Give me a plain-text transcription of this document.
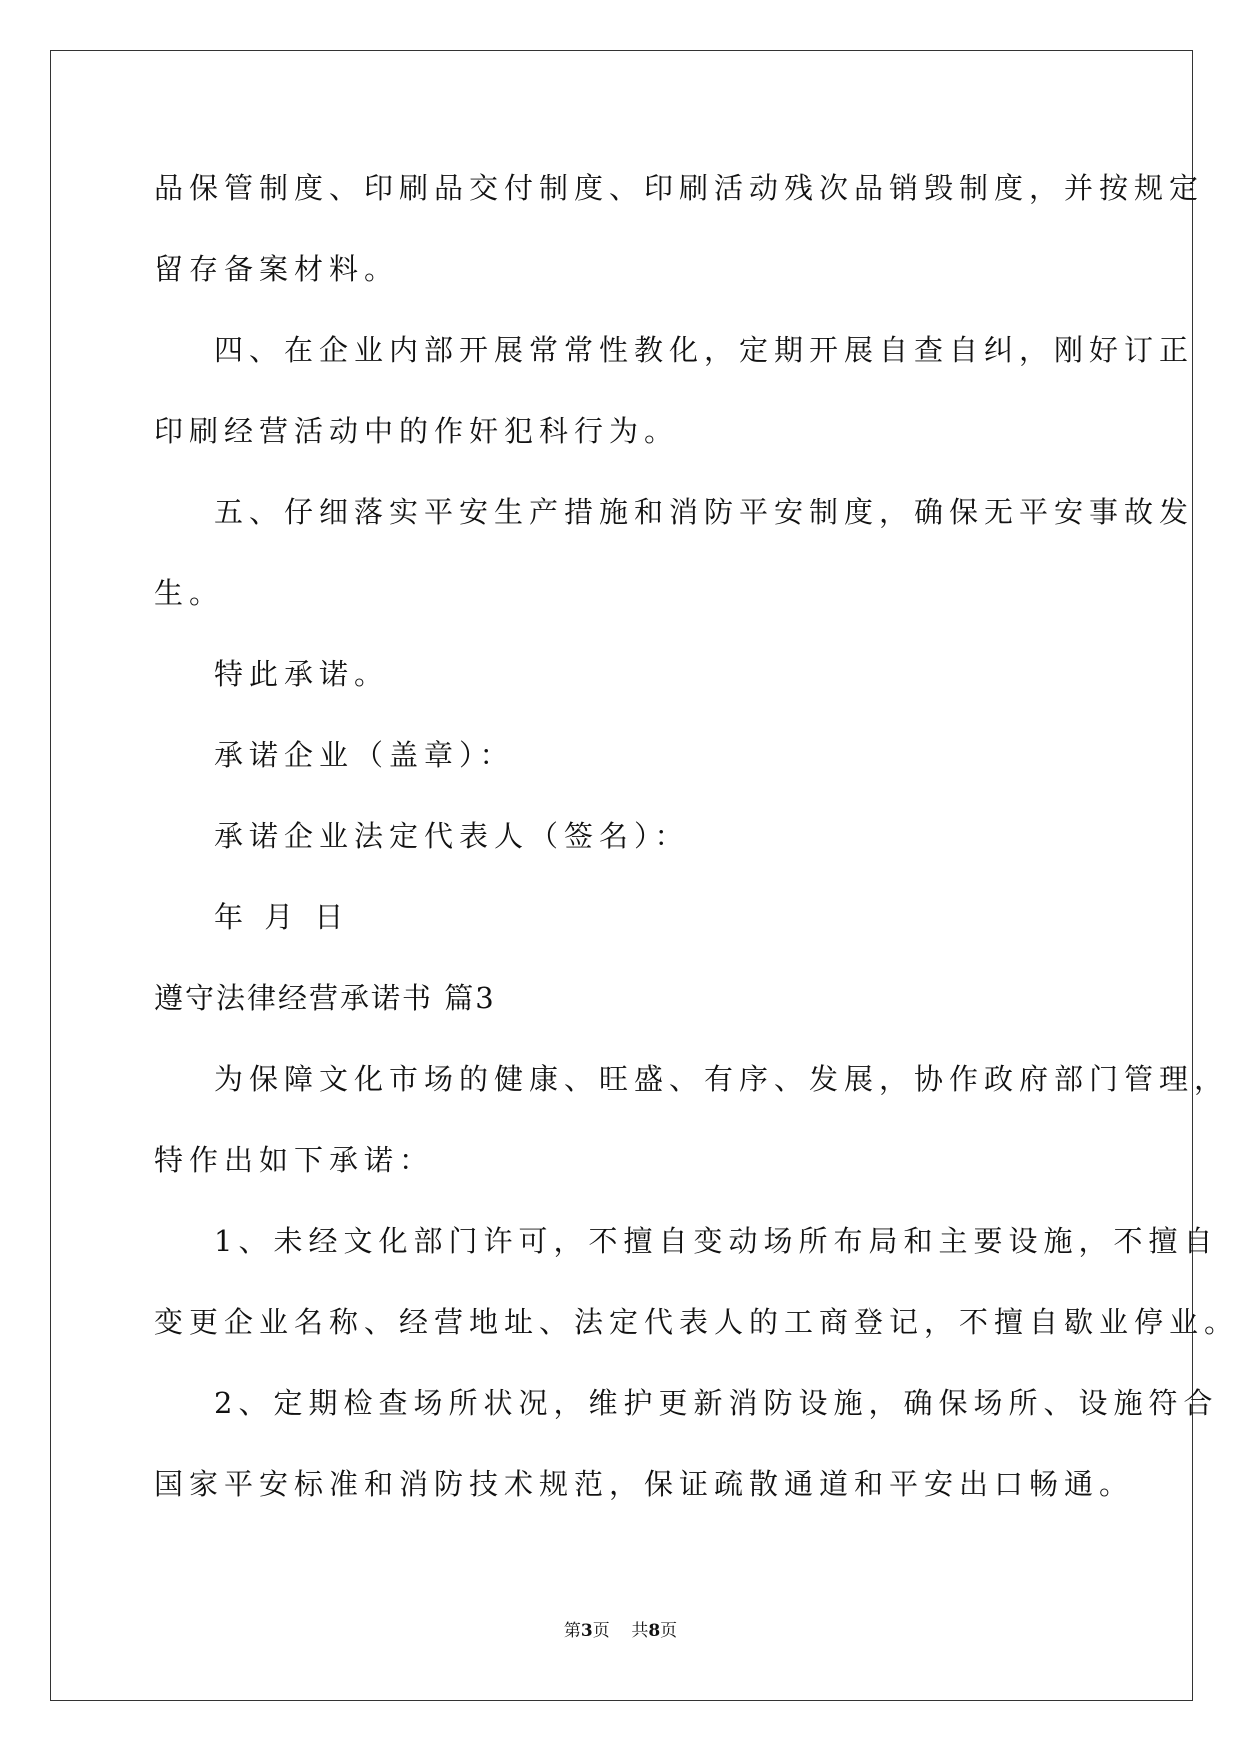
品保管制度、印刷品交付制度、印刷活动残次品销毁制度，并按规定
留存备案材料。
四、在企业内部开展常常性教化，定期开展自查自纠，刚好订正
印刷经营活动中的作奸犯科行为。
五、仔细落实平安生产措施和消防平安制度，确保无平安事故发
生。
特此承诺。
承诺企业（盖章）：
承诺企业法定代表人（签名）：
年 月 日
遵守法律经营承诺书 篇3
为保障文化市场的健康、旺盛、有序、发展，协作政府部门管理，
特作出如下承诺：
1、未经文化部门许可，不擅自变动场所布局和主要设施，不擅自
变更企业名称、经营地址、法定代表人的工商登记，不擅自歇业停业。
2、定期检查场所状况，维护更新消防设施，确保场所、设施符合
国家平安标准和消防技术规范，保证疏散通道和平安出口畅通。
第3页 共8页
